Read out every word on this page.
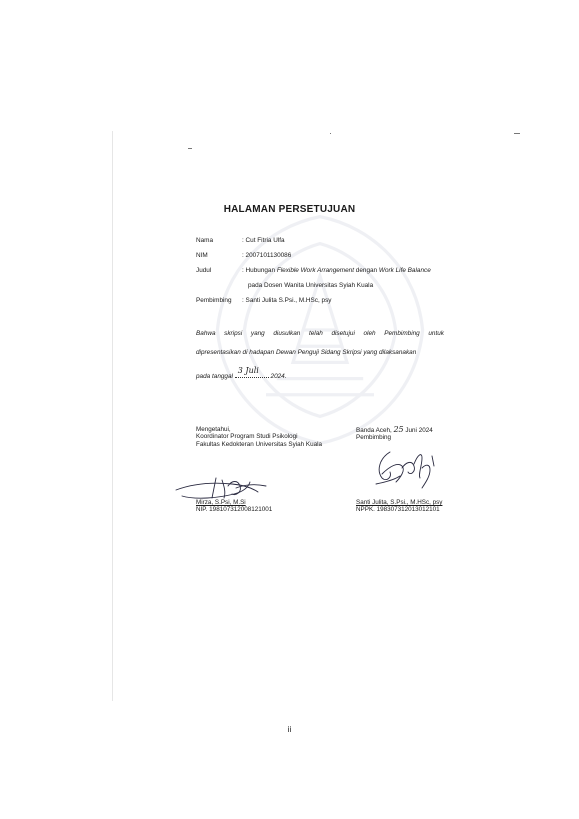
HALAMAN PERSETUJUAN
Nama	: Cut Fitria Ulfa
NIM	: 2007101130086
Judul	: Hubungan Flexible Work Arrangement dengan Work Life Balance
pada Dosen Wanita Universitas Syiah Kuala
Pembimbing : Santi Julita S.Psi., M.HSc, psy
Bahwa skripsi yang diusulkan telah disetujui oleh Pembimbing untuk
dipresentasikan di hadapan Dewan Penguji Sidang Skripsi yang dilaksanakan
pada tanggal
3 Juli
2024.
Mengetahui,
Koordinator Program Studi Psikologi
Fakultas Kedokteran Universitas Syiah Kuala
Mirza, S.Psi, M.Si
NIP. 198107312008121001
Banda Aceh, 25 Juni 2024
Pembimbing
Santi Julita, S.Psi., M.HSc, psy
NPPK. 198307312013012101
ii
